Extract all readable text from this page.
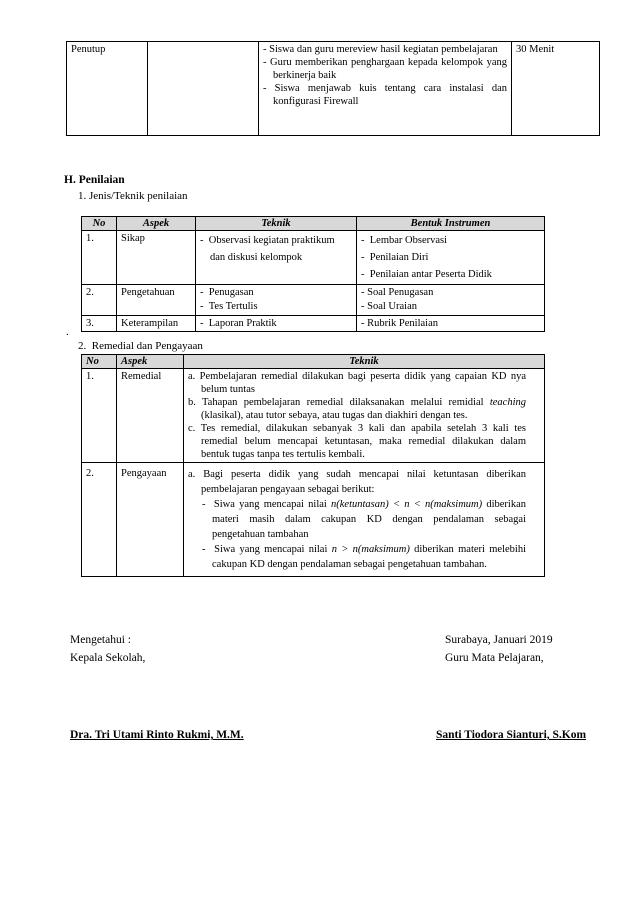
Penutup		- Siswa dan guru mereview hasil kegiatan pembelajaran
- Guru memberikan penghargaan kepada kelompok yang berkinerja baik
- Siswa menjawab kuis tentang cara instalasi dan konfigurasi Firewall
	30 Menit
H. Penilaian
1. Jenis/Teknik penilaian
No	Aspek	Teknik	Bentuk Instrumen
1.	Sikap	-  Observasi kegiatan praktikum dan diskusi kelompok	-  Lembar Observasi
-  Penilaian Diri
-  Penilaian antar Peserta Didik

2.	Pengetahuan	-  Penugasan
-  Tes Tertulis	- Soal Penugasan
- Soal Uraian

3.	Keterampilan	-  Laporan Praktik	- Rubrik Penilaian
.
2. Remedial dan Pengayaan
No	Aspek	Teknik
1.	Remedial	a. Pembelajaran remedial dilakukan bagi peserta didik yang capaian KD nya belum tuntas
b. Tahapan pembelajaran remedial dilaksanakan melalui remidial teaching (klasikal), atau tutor sebaya, atau tugas dan diakhiri dengan tes.
c. Tes remedial, dilakukan sebanyak 3 kali dan apabila setelah 3 kali tes remedial belum mencapai ketuntasan, maka remedial dilakukan dalam bentuk tugas tanpa tes tertulis kembali.

2.	Pengayaan	a. Bagi peserta didik yang sudah mencapai nilai ketuntasan diberikan pembelajaran pengayaan sebagai berikut:
-  Siwa yang mencapai nilai n(ketuntasan) < n < n(maksimum) diberikan materi masih dalam cakupan KD dengan pendalaman sebagai pengetahuan tambahan
-  Siwa yang mencapai nilai n > n(maksimum) diberikan materi melebihi cakupan KD dengan pendalaman sebagai pengetahuan tambahan.
Mengetahui :
Kepala Sekolah,
Dra. Tri Utami Rinto Rukmi, M.M.
Surabaya, Januari 2019
Guru Mata Pelajaran,
Santi Tiodora Sianturi, S.Kom
